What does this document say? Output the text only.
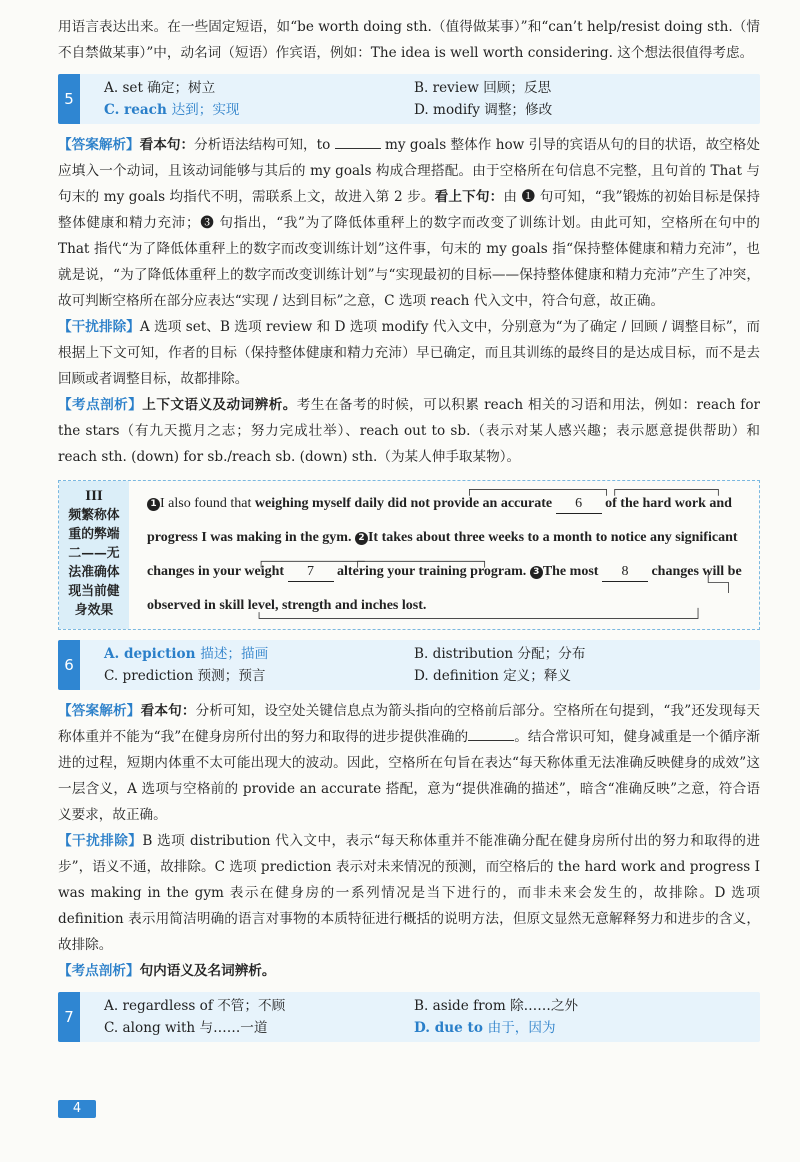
用语言表达出来。在一些固定短语，如“be worth doing sth.（值得做某事）”和“can’t help/resist doing sth.（情不自禁做某事）”中，动名词（短语）作宾语，例如：The idea is well worth considering. 这个想法很值得考虑。

5
A. set 确定；树立	B. review 回顾；反思
C. reach 达到；实现	D. modify 调整；修改

【答案解析】看本句：分析语法结构可知，to	my goals 整体作 how 引导的宾语从句的目的状语，故空格处应填入一个动词，且该动词能够与其后的 my goals 构成合理搭配。由于空格所在句信息不完整，且句首的 That 与句末的 my goals 均指代不明，需联系上文，故进入第 2 步。看上下句：由 ❶ 句可知，“我”锻炼的初始目标是保持整体健康和精力充沛；❸ 句指出，“我”为了降低体重秤上的数字而改变了训练计划。由此可知，空格所在句中的 That 指代“为了降低体重秤上的数字而改变训练计划”这件事，句末的 my goals 指“保持整体健康和精力充沛”，也就是说，“为了降低体重秤上的数字而改变训练计划”与“实现最初的目标——保持整体健康和精力充沛”产生了冲突，故可判断空格所在部分应表达“实现 / 达到目标”之意，C 选项 reach 代入文中，符合句意，故正确。

【干扰排除】A 选项 set、B 选项 review 和 D 选项 modify 代入文中，分别意为“为了确定 / 回顾 / 调整目标”，而根据上下文可知，作者的目标（保持整体健康和精力充沛）早已确定，而且其训练的最终目的是达成目标，而不是去回顾或者调整目标，故都排除。

【考点剖析】上下文语义及动词辨析。考生在备考的时候，可以积累 reach 相关的习语和用法，例如：reach for the stars（有九天揽月之志；努力完成壮举）、reach out to sb.（表示对某人感兴趣；表示愿意提供帮助）和 reach sth. (down) for sb./reach sb. (down) sth.（为某人伸手取某物）。

III
频繁称体
重的弊端
二——无
法准确体
现当前健
身效果
1 I also found that weighing myself daily did not provide an accurate 6 of the hard work and progress I was making in the gym. 2 It takes about three weeks to a month to notice any significant changes in your weight 7 altering your training program. 3 The most 8 changes will be observed in skill level, strength and inches lost.
6
A. depiction 描述；描画	B. distribution 分配；分布
C. prediction 预测；预言	D. definition 定义；释义

【答案解析】看本句：分析可知，设空处关键信息点为箭头指向的空格前后部分。空格所在句提到，“我”还发现每天称体重并不能为“我”在健身房所付出的努力和取得的进步提供准确的	。结合常识可知，健身减重是一个循序渐进的过程，短期内体重不太可能出现大的波动。因此，空格所在句旨在表达“每天称体重无法准确反映健身的成效”这一层含义，A 选项与空格前的 provide an accurate 搭配，意为“提供准确的描述”，暗含“准确反映”之意，符合语义要求，故正确。

【干扰排除】B 选项 distribution 代入文中，表示“每天称体重并不能准确分配在健身房所付出的努力和取得的进步”，语义不通，故排除。C 选项 prediction 表示对未来情况的预测，而空格后的 the hard work and progress I was making in the gym 表示在健身房的一系列情况是当下进行的，而非未来会发生的，故排除。D 选项 definition 表示用简洁明确的语言对事物的本质特征进行概括的说明方法，但原文显然无意解释努力和进步的含义，故排除。

【考点剖析】句内语义及名词辨析。

7
A. regardless of 不管；不顾	B. aside from 除……之外
C. along with 与……一道	D. due to 由于，因为
4
